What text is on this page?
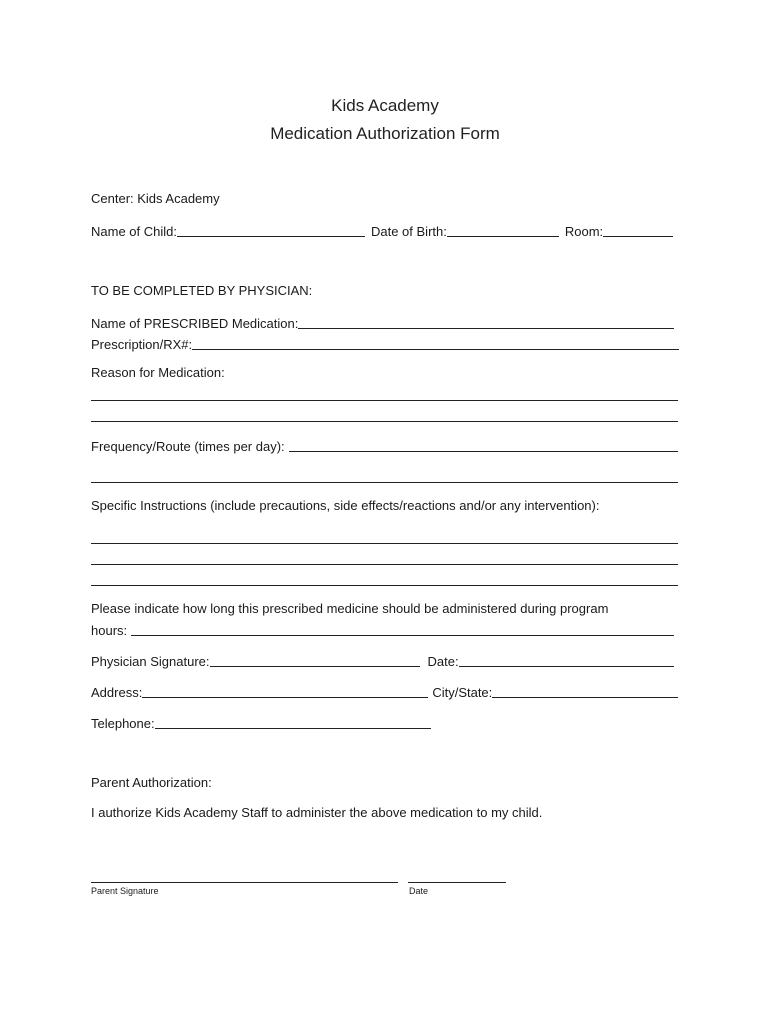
Kids Academy
Medication Authorization Form
Center: Kids Academy
Name of Child:	Date of Birth:	Room:
TO BE COMPLETED BY PHYSICIAN:
Name of PRESCRIBED Medication:
Prescription/RX#:
Reason for Medication:
Frequency/Route (times per day):
Specific Instructions (include precautions, side effects/reactions and/or any intervention):
Please indicate how long this prescribed medicine should be administered during program
hours:
Physician Signature:	Date:
Address:	City/State:
Telephone:
Parent Authorization:
I authorize Kids Academy Staff to administer the above medication to my child.
Parent Signature	Date
